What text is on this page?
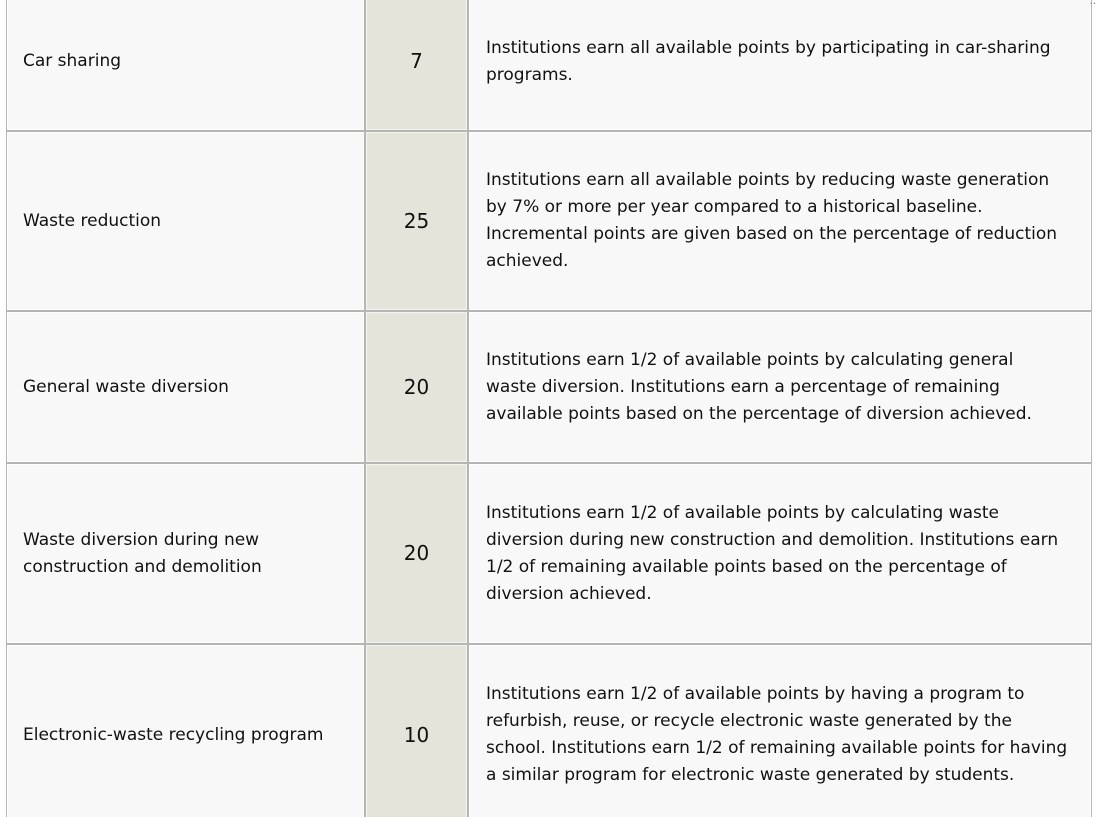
Car sharing	7	Institutions earn all available points by participating in car-sharing programs.
Waste reduction	25	Institutions earn all available points by reducing waste generation by 7% or more per year compared to a historical baseline. Incremental points are given based on the percentage of reduction achieved.
General waste diversion	20	Institutions earn 1/2 of available points by calculating general waste diversion. Institutions earn a percentage of remaining available points based on the percentage of diversion achieved.
Waste diversion during new construction and demolition	20	Institutions earn 1/2 of available points by calculating waste diversion during new construction and demolition. Institutions earn 1/2 of remaining available points based on the percentage of diversion achieved.
Electronic-waste recycling program	10	Institutions earn 1/2 of available points by having a program to refurbish, reuse, or recycle electronic waste generated by the school. Institutions earn 1/2 of remaining available points for having a similar program for electronic waste generated by students.
··
